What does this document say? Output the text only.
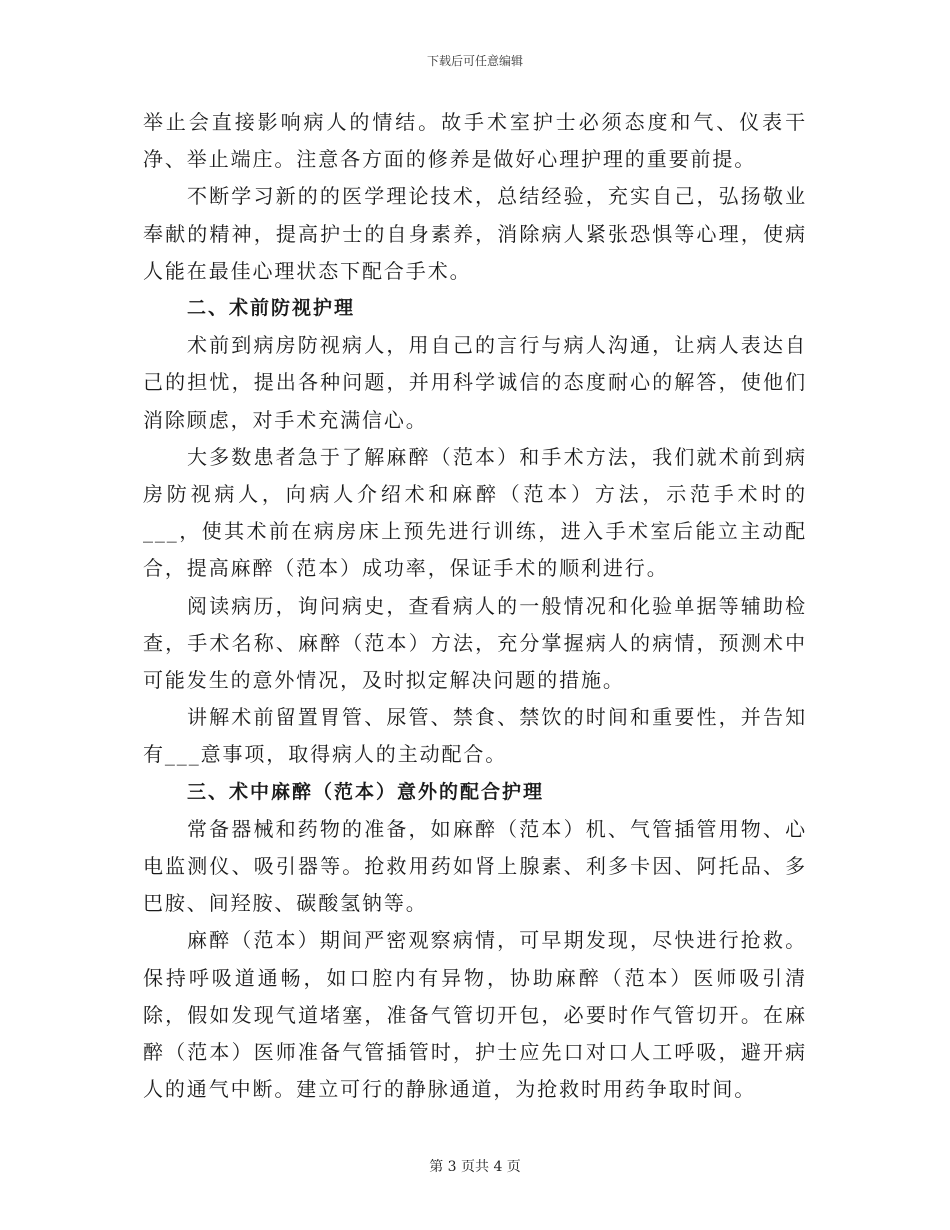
下载后可任意编辑

举止会直接影响病人的情结。故手术室护士必须态度和气、仪表干净、举止端庄。注意各方面的修养是做好心理护理的重要前提。

不断学习新的的医学理论技术，总结经验，充实自己，弘扬敬业奉献的精神，提高护士的自身素养，消除病人紧张恐惧等心理，使病人能在最佳心理状态下配合手术。

二、术前防视护理

术前到病房防视病人，用自己的言行与病人沟通，让病人表达自己的担忧，提出各种问题，并用科学诚信的态度耐心的解答，使他们消除顾虑，对手术充满信心。

大多数患者急于了解麻醉（范本）和手术方法，我们就术前到病房防视病人，向病人介绍术和麻醉（范本）方法，示范手术时的___，使其术前在病房床上预先进行训练，进入手术室后能立主动配合，提高麻醉（范本）成功率，保证手术的顺利进行。

阅读病历，询问病史，查看病人的一般情况和化验单据等辅助检查，手术名称、麻醉（范本）方法，充分掌握病人的病情，预测术中可能发生的意外情况，及时拟定解决问题的措施。

讲解术前留置胃管、尿管、禁食、禁饮的时间和重要性，并告知有___意事项，取得病人的主动配合。

三、术中麻醉（范本）意外的配合护理

常备器械和药物的准备，如麻醉（范本）机、气管插管用物、心电监测仪、吸引器等。抢救用药如肾上腺素、利多卡因、阿托品、多巴胺、间羟胺、碳酸氢钠等。

麻醉（范本）期间严密观察病情，可早期发现，尽快进行抢救。保持呼吸道通畅，如口腔内有异物，协助麻醉（范本）医师吸引清除，假如发现气道堵塞，准备气管切开包，必要时作气管切开。在麻醉（范本）医师准备气管插管时，护士应先口对口人工呼吸，避开病人的通气中断。建立可行的静脉通道，为抢救时用药争取时间。

第 3 页共 4 页
